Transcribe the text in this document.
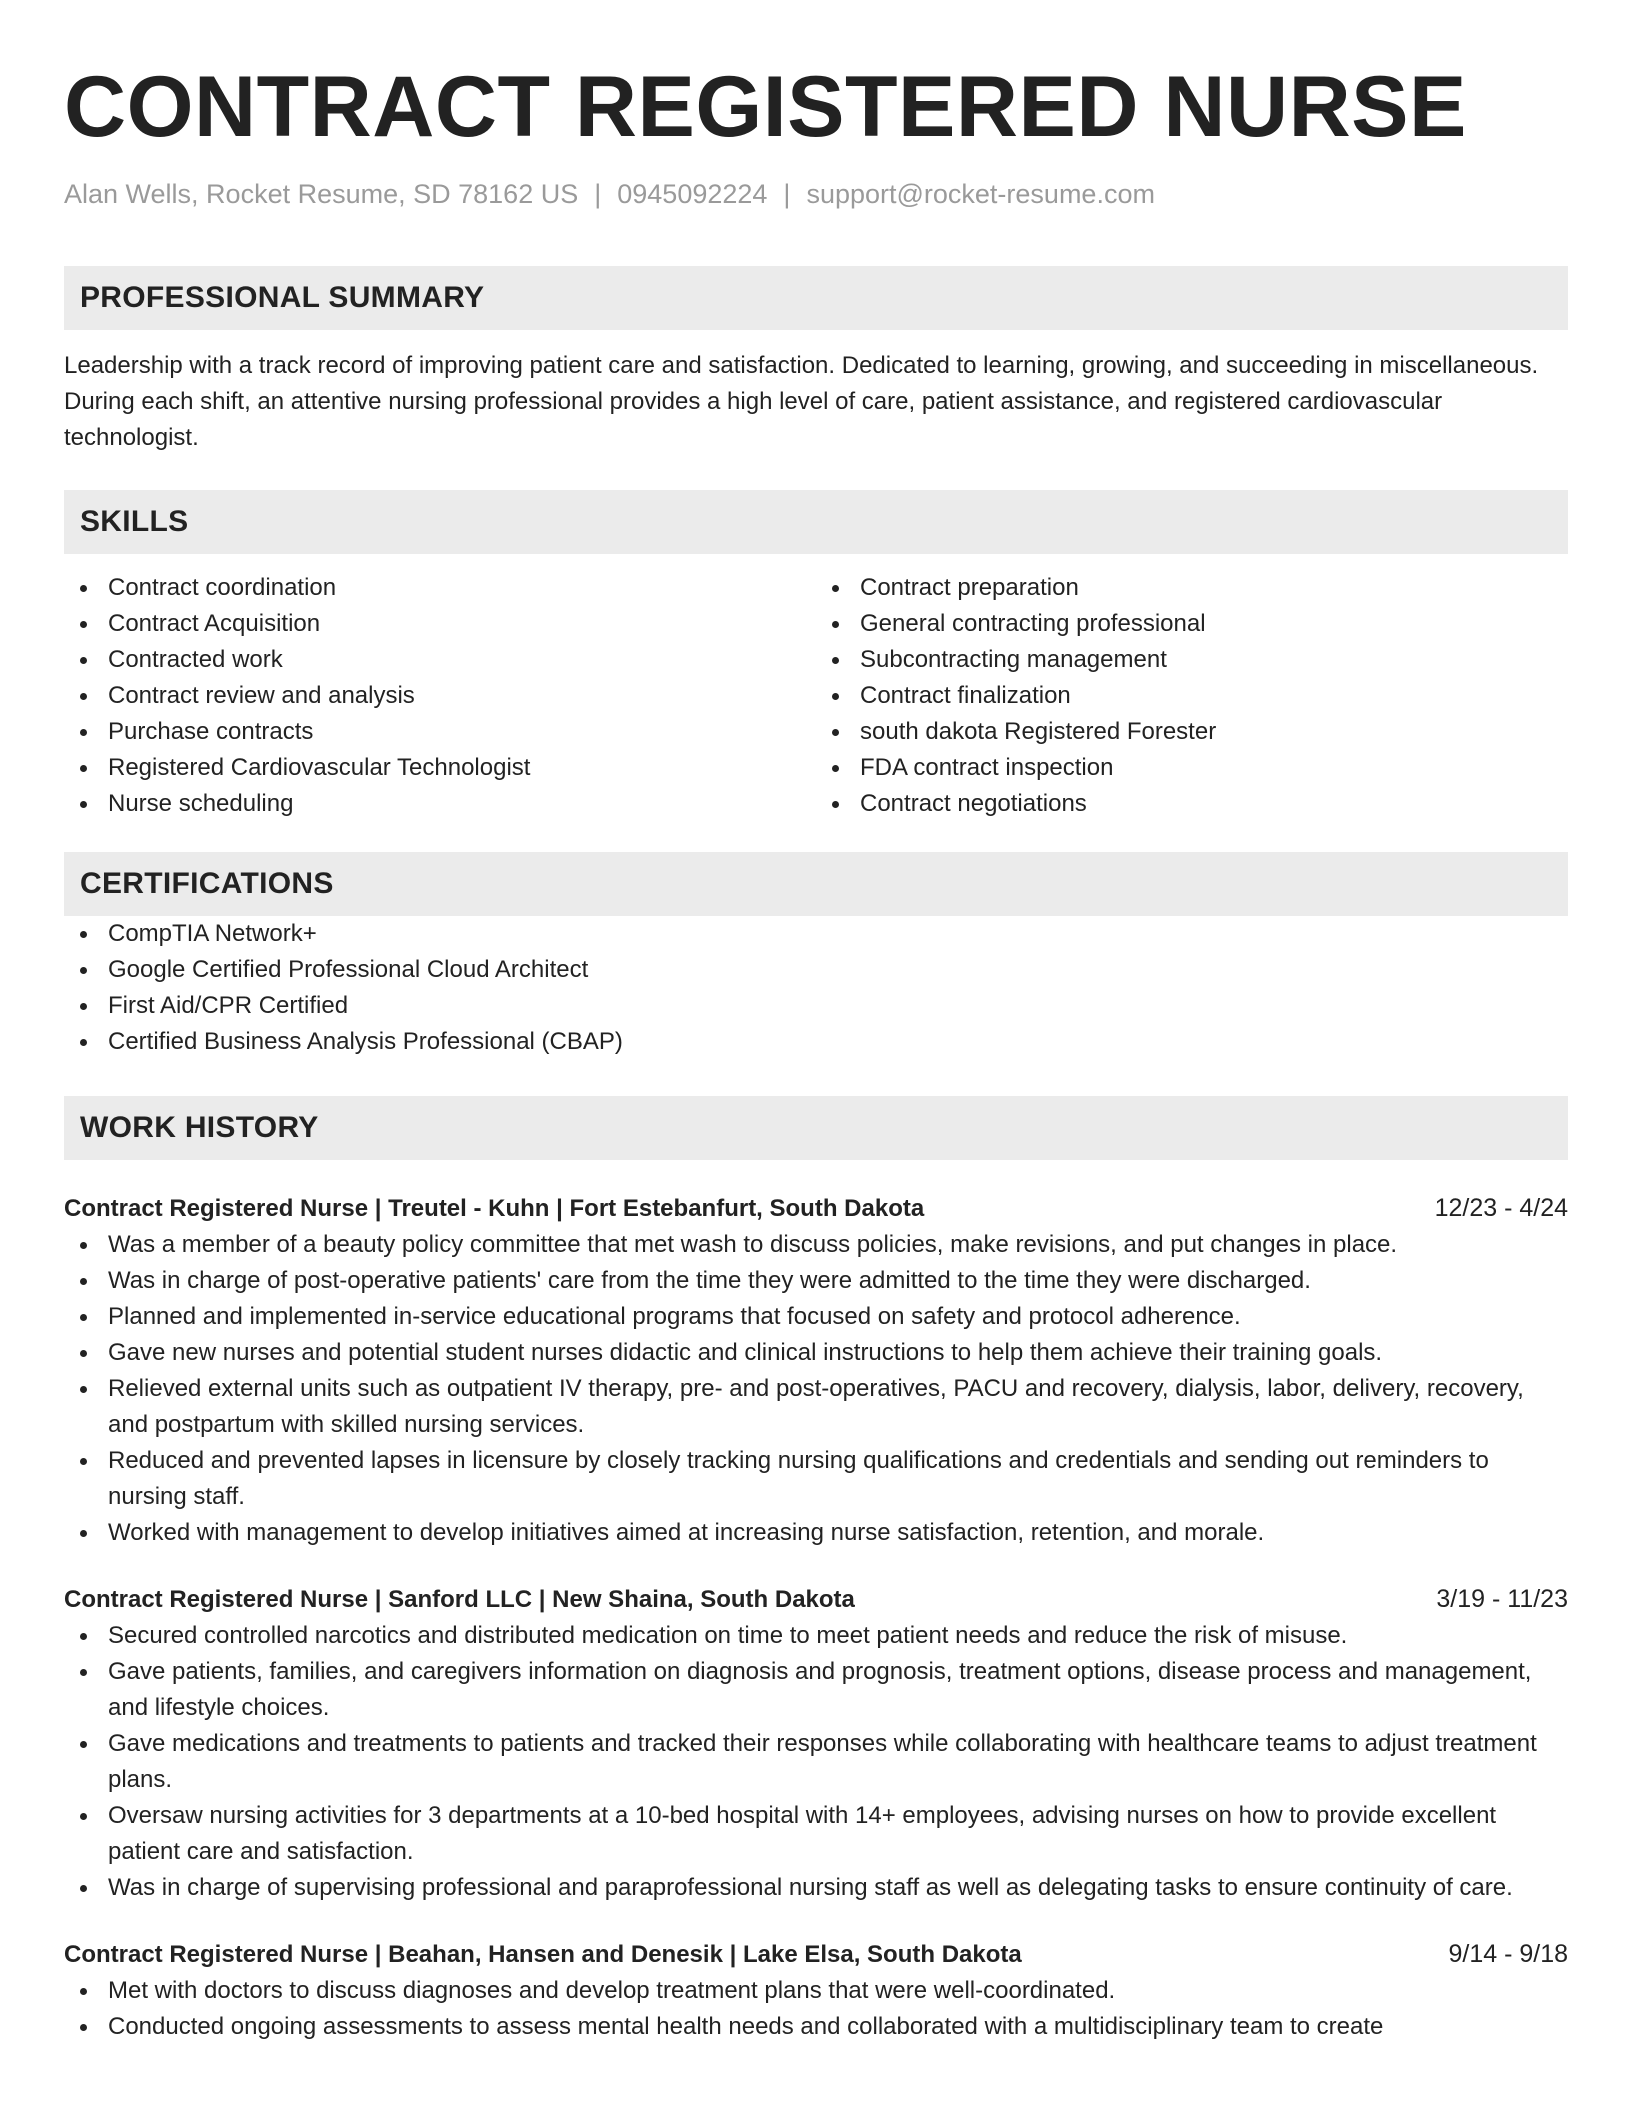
CONTRACT REGISTERED NURSE
Alan Wells, Rocket Resume, SD 78162 US | 0945092224 | support@rocket-resume.com
PROFESSIONAL SUMMARY
Leadership with a track record of improving patient care and satisfaction. Dedicated to learning, growing, and succeeding in miscellaneous. During each shift, an attentive nursing professional provides a high level of care, patient assistance, and registered cardiovascular technologist.
SKILLS
Contract coordination
Contract Acquisition
Contracted work
Contract review and analysis
Purchase contracts
Registered Cardiovascular Technologist
Nurse scheduling
Contract preparation
General contracting professional
Subcontracting management
Contract finalization
south dakota Registered Forester
FDA contract inspection
Contract negotiations
CERTIFICATIONS
CompTIA Network+
Google Certified Professional Cloud Architect
First Aid/CPR Certified
Certified Business Analysis Professional (CBAP)
WORK HISTORY
Contract Registered Nurse | Treutel - Kuhn | Fort Estebanfurt, South Dakota	12/23 - 4/24
Was a member of a beauty policy committee that met wash to discuss policies, make revisions, and put changes in place.
Was in charge of post-operative patients' care from the time they were admitted to the time they were discharged.
Planned and implemented in-service educational programs that focused on safety and protocol adherence.
Gave new nurses and potential student nurses didactic and clinical instructions to help them achieve their training goals.
Relieved external units such as outpatient IV therapy, pre- and post-operatives, PACU and recovery, dialysis, labor, delivery, recovery, and postpartum with skilled nursing services.
Reduced and prevented lapses in licensure by closely tracking nursing qualifications and credentials and sending out reminders to nursing staff.
Worked with management to develop initiatives aimed at increasing nurse satisfaction, retention, and morale.
Contract Registered Nurse | Sanford LLC | New Shaina, South Dakota	3/19 - 11/23
Secured controlled narcotics and distributed medication on time to meet patient needs and reduce the risk of misuse.
Gave patients, families, and caregivers information on diagnosis and prognosis, treatment options, disease process and management, and lifestyle choices.
Gave medications and treatments to patients and tracked their responses while collaborating with healthcare teams to adjust treatment plans.
Oversaw nursing activities for 3 departments at a 10-bed hospital with 14+ employees, advising nurses on how to provide excellent patient care and satisfaction.
Was in charge of supervising professional and paraprofessional nursing staff as well as delegating tasks to ensure continuity of care.
Contract Registered Nurse | Beahan, Hansen and Denesik | Lake Elsa, South Dakota	9/14 - 9/18
Met with doctors to discuss diagnoses and develop treatment plans that were well-coordinated.
Conducted ongoing assessments to assess mental health needs and collaborated with a multidisciplinary team to create
